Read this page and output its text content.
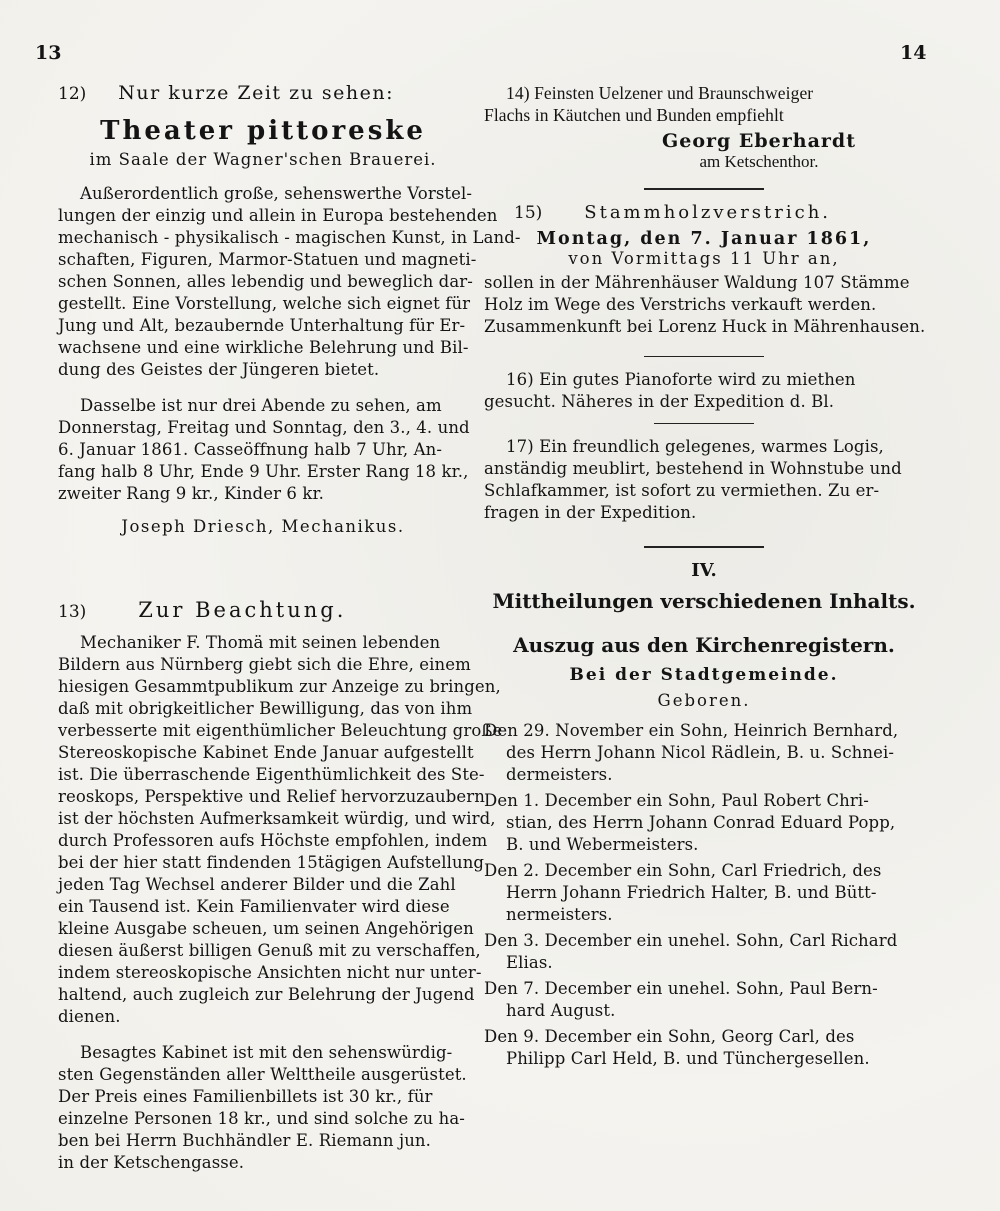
13	14
12)	Nur kurze Zeit zu sehen:
Theater pittoreske
im Saale der Wagner'schen Brauerei.
Außerordentlich große, sehenswerthe Vorstel-
lungen der einzig und allein in Europa bestehenden
mechanisch - physikalisch - magischen Kunst, in Land-
schaften, Figuren, Marmor-Statuen und magneti-
schen Sonnen, alles lebendig und beweglich dar-
gestellt. Eine Vorstellung, welche sich eignet für
Jung und Alt, bezaubernde Unterhaltung für Er-
wachsene und eine wirkliche Belehrung und Bil-
dung des Geistes der Jüngeren bietet.
Dasselbe ist nur drei Abende zu sehen, am
Donnerstag, Freitag und Sonntag, den 3., 4. und
6. Januar 1861. Casseöffnung halb 7 Uhr, An-
fang halb 8 Uhr, Ende 9 Uhr. Erster Rang 18 kr.,
zweiter Rang 9 kr., Kinder 6 kr.
Joseph Driesch, Mechanikus.
13)	Zur Beachtung.
Mechaniker F. Thomä mit seinen lebenden
Bildern aus Nürnberg giebt sich die Ehre, einem
hiesigen Gesammtpublikum zur Anzeige zu bringen,
daß mit obrigkeitlicher Bewilligung, das von ihm
verbesserte mit eigenthümlicher Beleuchtung große
Stereoskopische Kabinet Ende Januar aufgestellt
ist. Die überraschende Eigenthümlichkeit des Ste-
reoskops, Perspektive und Relief hervorzuzaubern
ist der höchsten Aufmerksamkeit würdig, und wird,
durch Professoren aufs Höchste empfohlen, indem
bei der hier statt findenden 15tägigen Aufstellung
jeden Tag Wechsel anderer Bilder und die Zahl
ein Tausend ist. Kein Familienvater wird diese
kleine Ausgabe scheuen, um seinen Angehörigen
diesen äußerst billigen Genuß mit zu verschaffen,
indem stereoskopische Ansichten nicht nur unter-
haltend, auch zugleich zur Belehrung der Jugend
dienen.
Besagtes Kabinet ist mit den sehenswürdig-
sten Gegenständen aller Welttheile ausgerüstet.
Der Preis eines Familienbillets ist 30 kr., für
einzelne Personen 18 kr., und sind solche zu ha-
ben bei Herrn Buchhändler E. Riemann jun.
in der Ketschengasse.
14) Feinsten Uelzener und Braunschweiger
Flachs in Käutchen und Bunden empfiehlt
Georg Eberhardt
am Ketschenthor.
15)	Stammholzverstrich.
Montag, den 7. Januar 1861,
von Vormittags 11 Uhr an,
sollen in der Mährenhäuser Waldung 107 Stämme
Holz im Wege des Verstrichs verkauft werden.
Zusammenkunft bei Lorenz Huck in Mährenhausen.
16) Ein gutes Pianoforte wird zu miethen
gesucht. Näheres in der Expedition d. Bl.
17) Ein freundlich gelegenes, warmes Logis,
anständig meublirt, bestehend in Wohnstube und
Schlafkammer, ist sofort zu vermiethen. Zu er-
fragen in der Expedition.
IV.
Mittheilungen verschiedenen Inhalts.
Auszug aus den Kirchenregistern.
Bei der Stadtgemeinde.
Geboren.
Den 29. November ein Sohn, Heinrich Bernhard,
des Herrn Johann Nicol Rädlein, B. u. Schnei-
dermeisters.
Den 1. December ein Sohn, Paul Robert Chri-
stian, des Herrn Johann Conrad Eduard Popp,
B. und Webermeisters.
Den 2. December ein Sohn, Carl Friedrich, des
Herrn Johann Friedrich Halter, B. und Bütt-
nermeisters.
Den 3. December ein unehel. Sohn, Carl Richard
Elias.
Den 7. December ein unehel. Sohn, Paul Bern-
hard August.
Den 9. December ein Sohn, Georg Carl, des
Philipp Carl Held, B. und Tünchergesellen.
